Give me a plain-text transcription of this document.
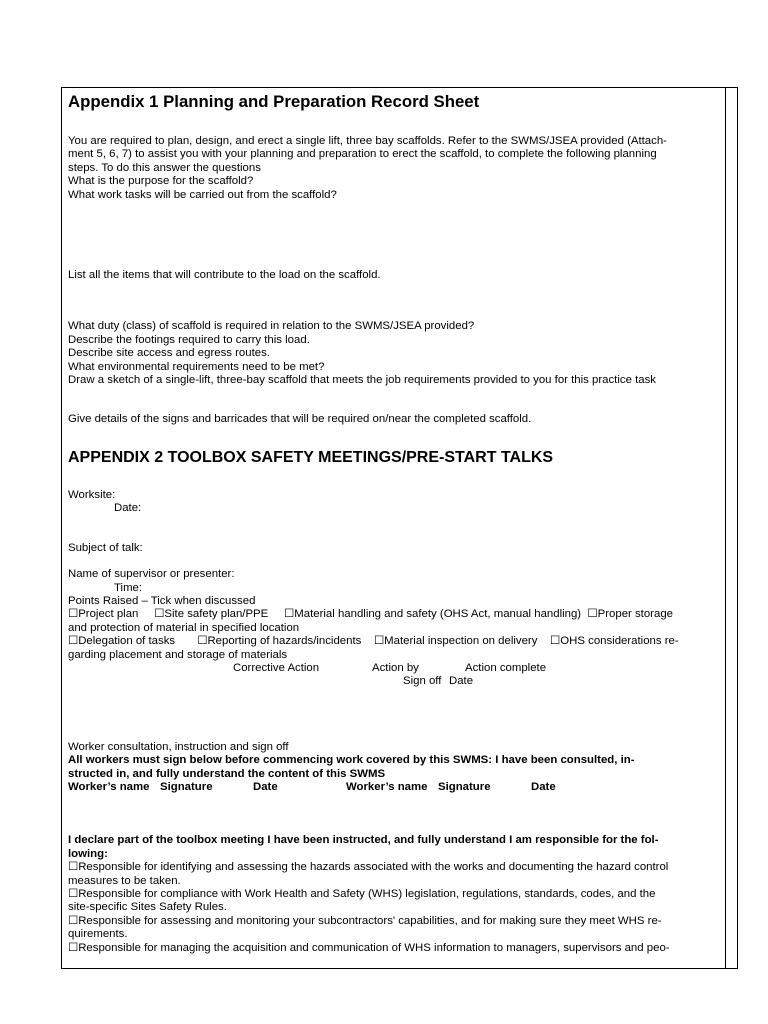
Appendix 1 Planning and Preparation Record Sheet
You are required to plan, design, and erect a single lift, three bay scaffolds. Refer to the SWMS/JSEA provided (Attach-
ment 5, 6, 7) to assist you with your planning and preparation to erect the scaffold, to complete the following planning
steps. To do this answer the questions
What is the purpose for the scaffold?
What work tasks will be carried out from the scaffold?
List all the items that will contribute to the load on the scaffold.
What duty (class) of scaffold is required in relation to the SWMS/JSEA provided?
Describe the footings required to carry this load.
Describe site access and egress routes.
What environmental requirements need to be met?
Draw a sketch of a single-lift, three-bay scaffold that meets the job requirements provided to you for this practice task
Give details of the signs and barricades that will be required on/near the completed scaffold.
APPENDIX 2 TOOLBOX SAFETY MEETINGS/PRE-START TALKS
Worksite:
Date:
Subject of talk:
Name of supervisor or presenter:
Time:
Points Raised – Tick when discussed
☐Project plan     ☐Site safety plan/PPE     ☐Material handling and safety (OHS Act, manual handling)  ☐Proper storage
and protection of material in specified location
☐Delegation of tasks       ☐Reporting of hazards/incidents    ☐Material inspection on delivery    ☐OHS considerations re-
garding placement and storage of materials
Corrective Action	Action by	Action complete
Sign off Date
Worker consultation, instruction and sign off
All workers must sign below before commencing work covered by this SWMS: I have been consulted, in-
structed in, and fully understand the content of this SWMS
Worker’s name Signature	Date	Worker’s name Signature	Date
I declare part of the toolbox meeting I have been instructed, and fully understand I am responsible for the fol-
lowing:
☐Responsible for identifying and assessing the hazards associated with the works and documenting the hazard control
measures to be taken.
☐Responsible for compliance with Work Health and Safety (WHS) legislation, regulations, standards, codes, and the
site-specific Sites Safety Rules.
☐Responsible for assessing and monitoring your subcontractors' capabilities, and for making sure they meet WHS re-
quirements.
☐Responsible for managing the acquisition and communication of WHS information to managers, supervisors and peo-
